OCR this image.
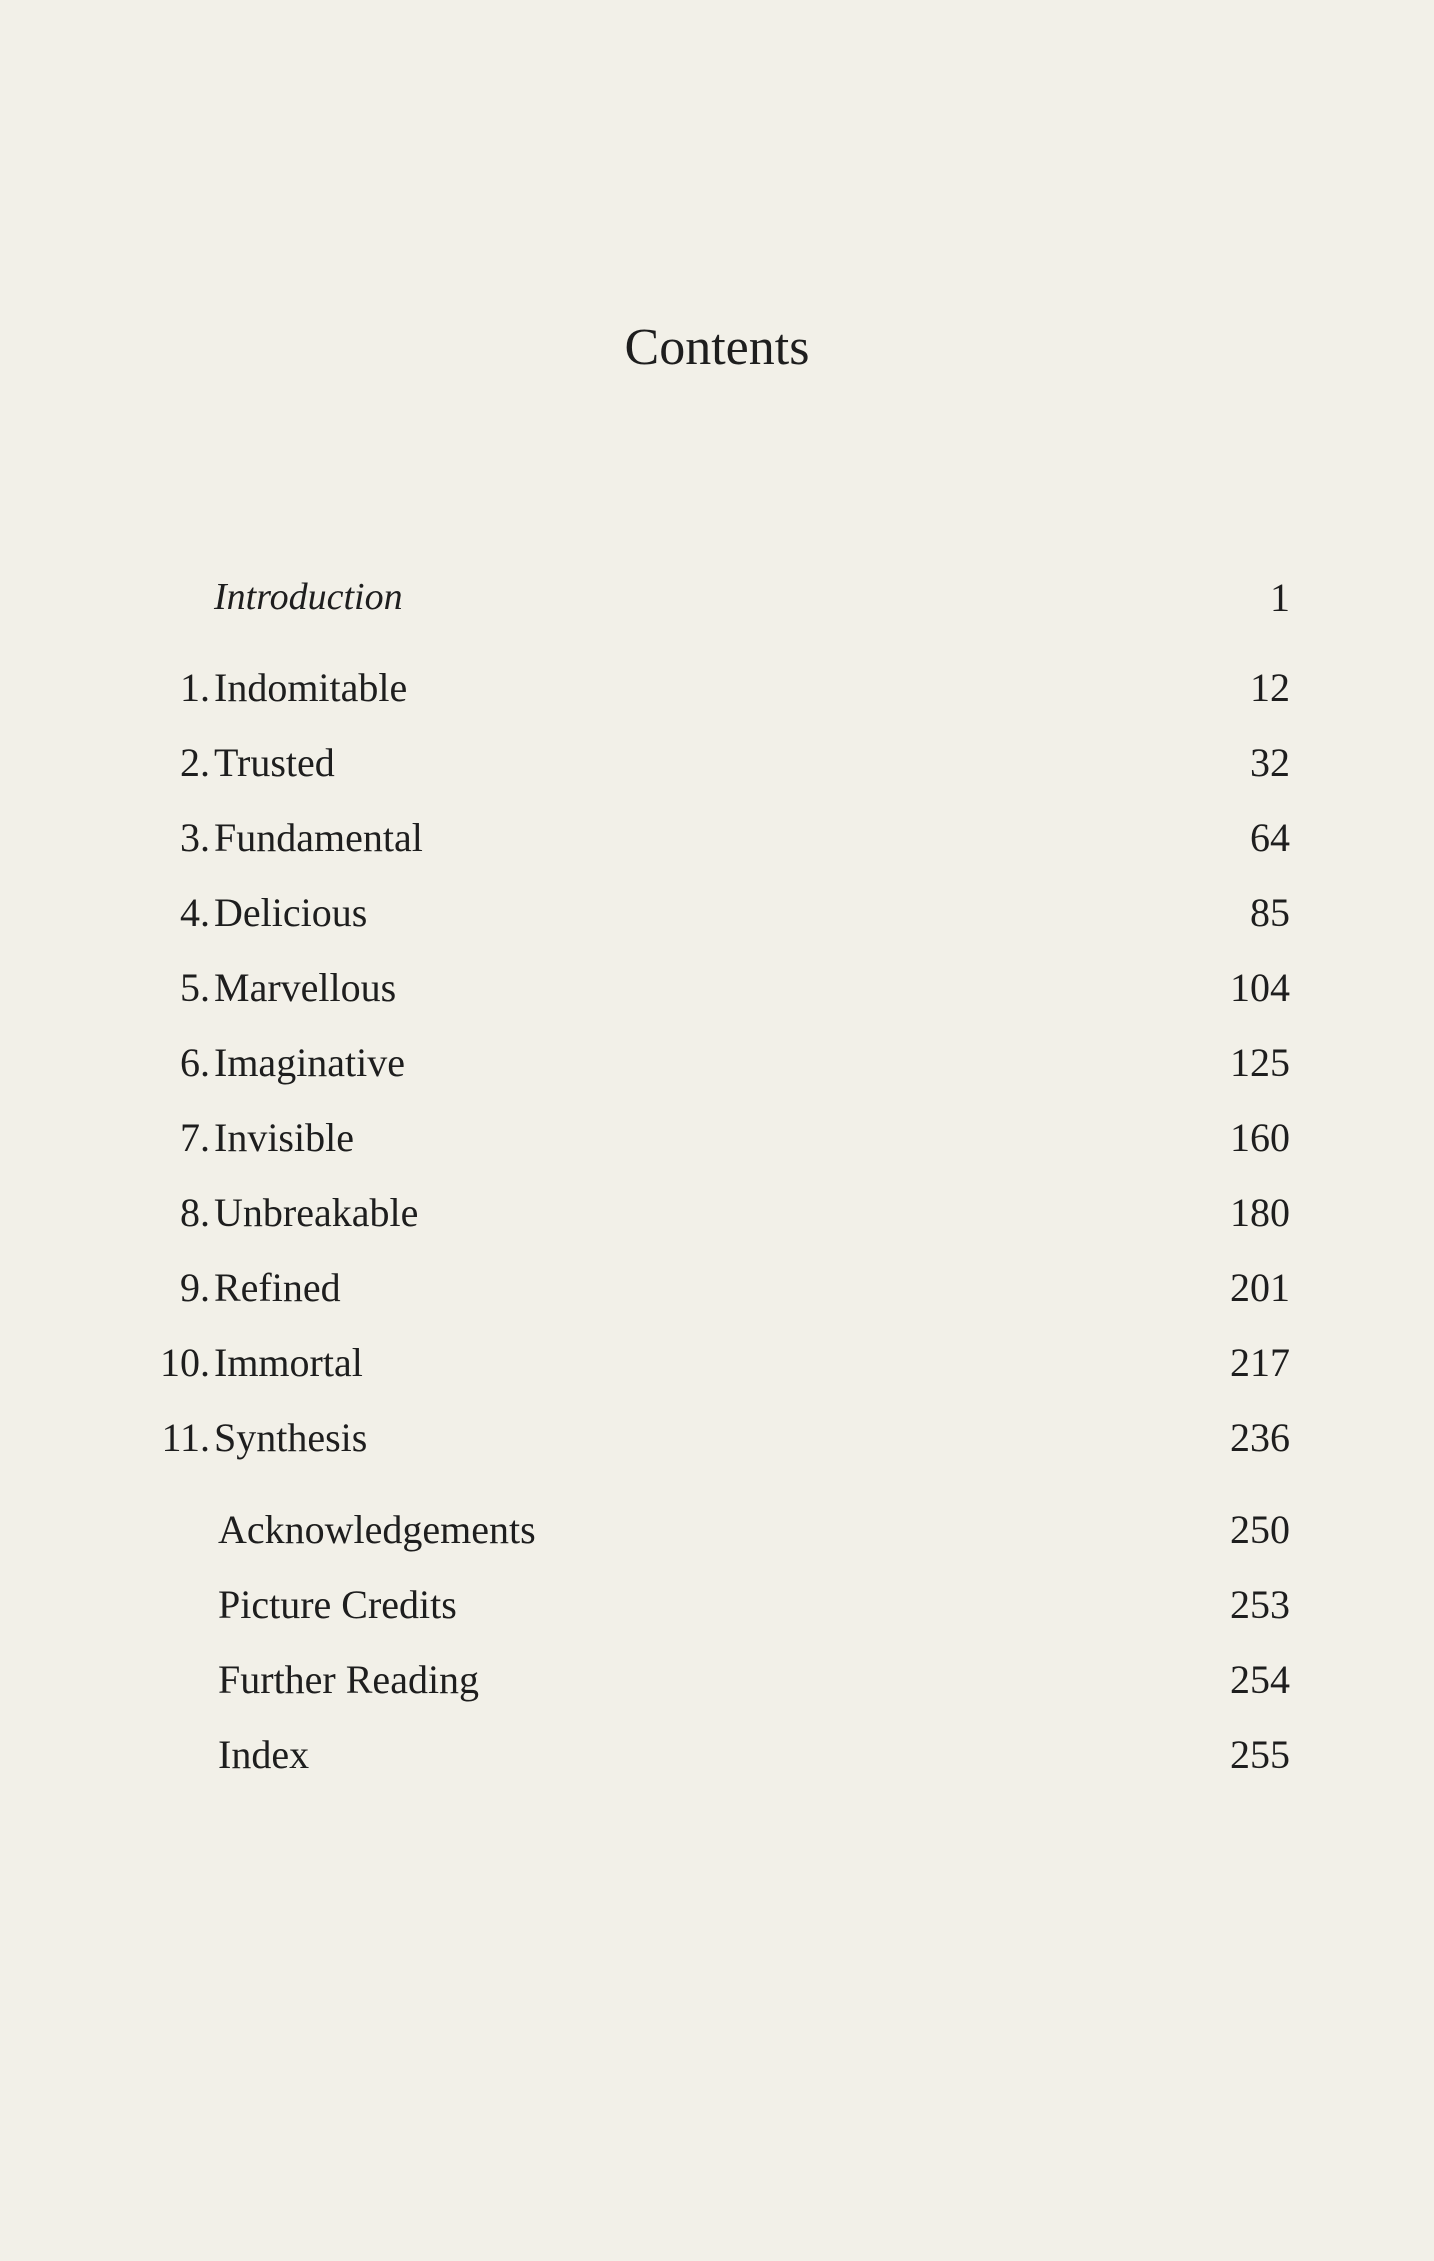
Contents
Introduction	1
1. Indomitable	12
2. Trusted	32
3. Fundamental	64
4. Delicious	85
5. Marvellous	104
6. Imaginative	125
7. Invisible	160
8. Unbreakable	180
9. Refined	201
10. Immortal	217
11. Synthesis	236
Acknowledgements	250
Picture Credits	253
Further Reading	254
Index	255
